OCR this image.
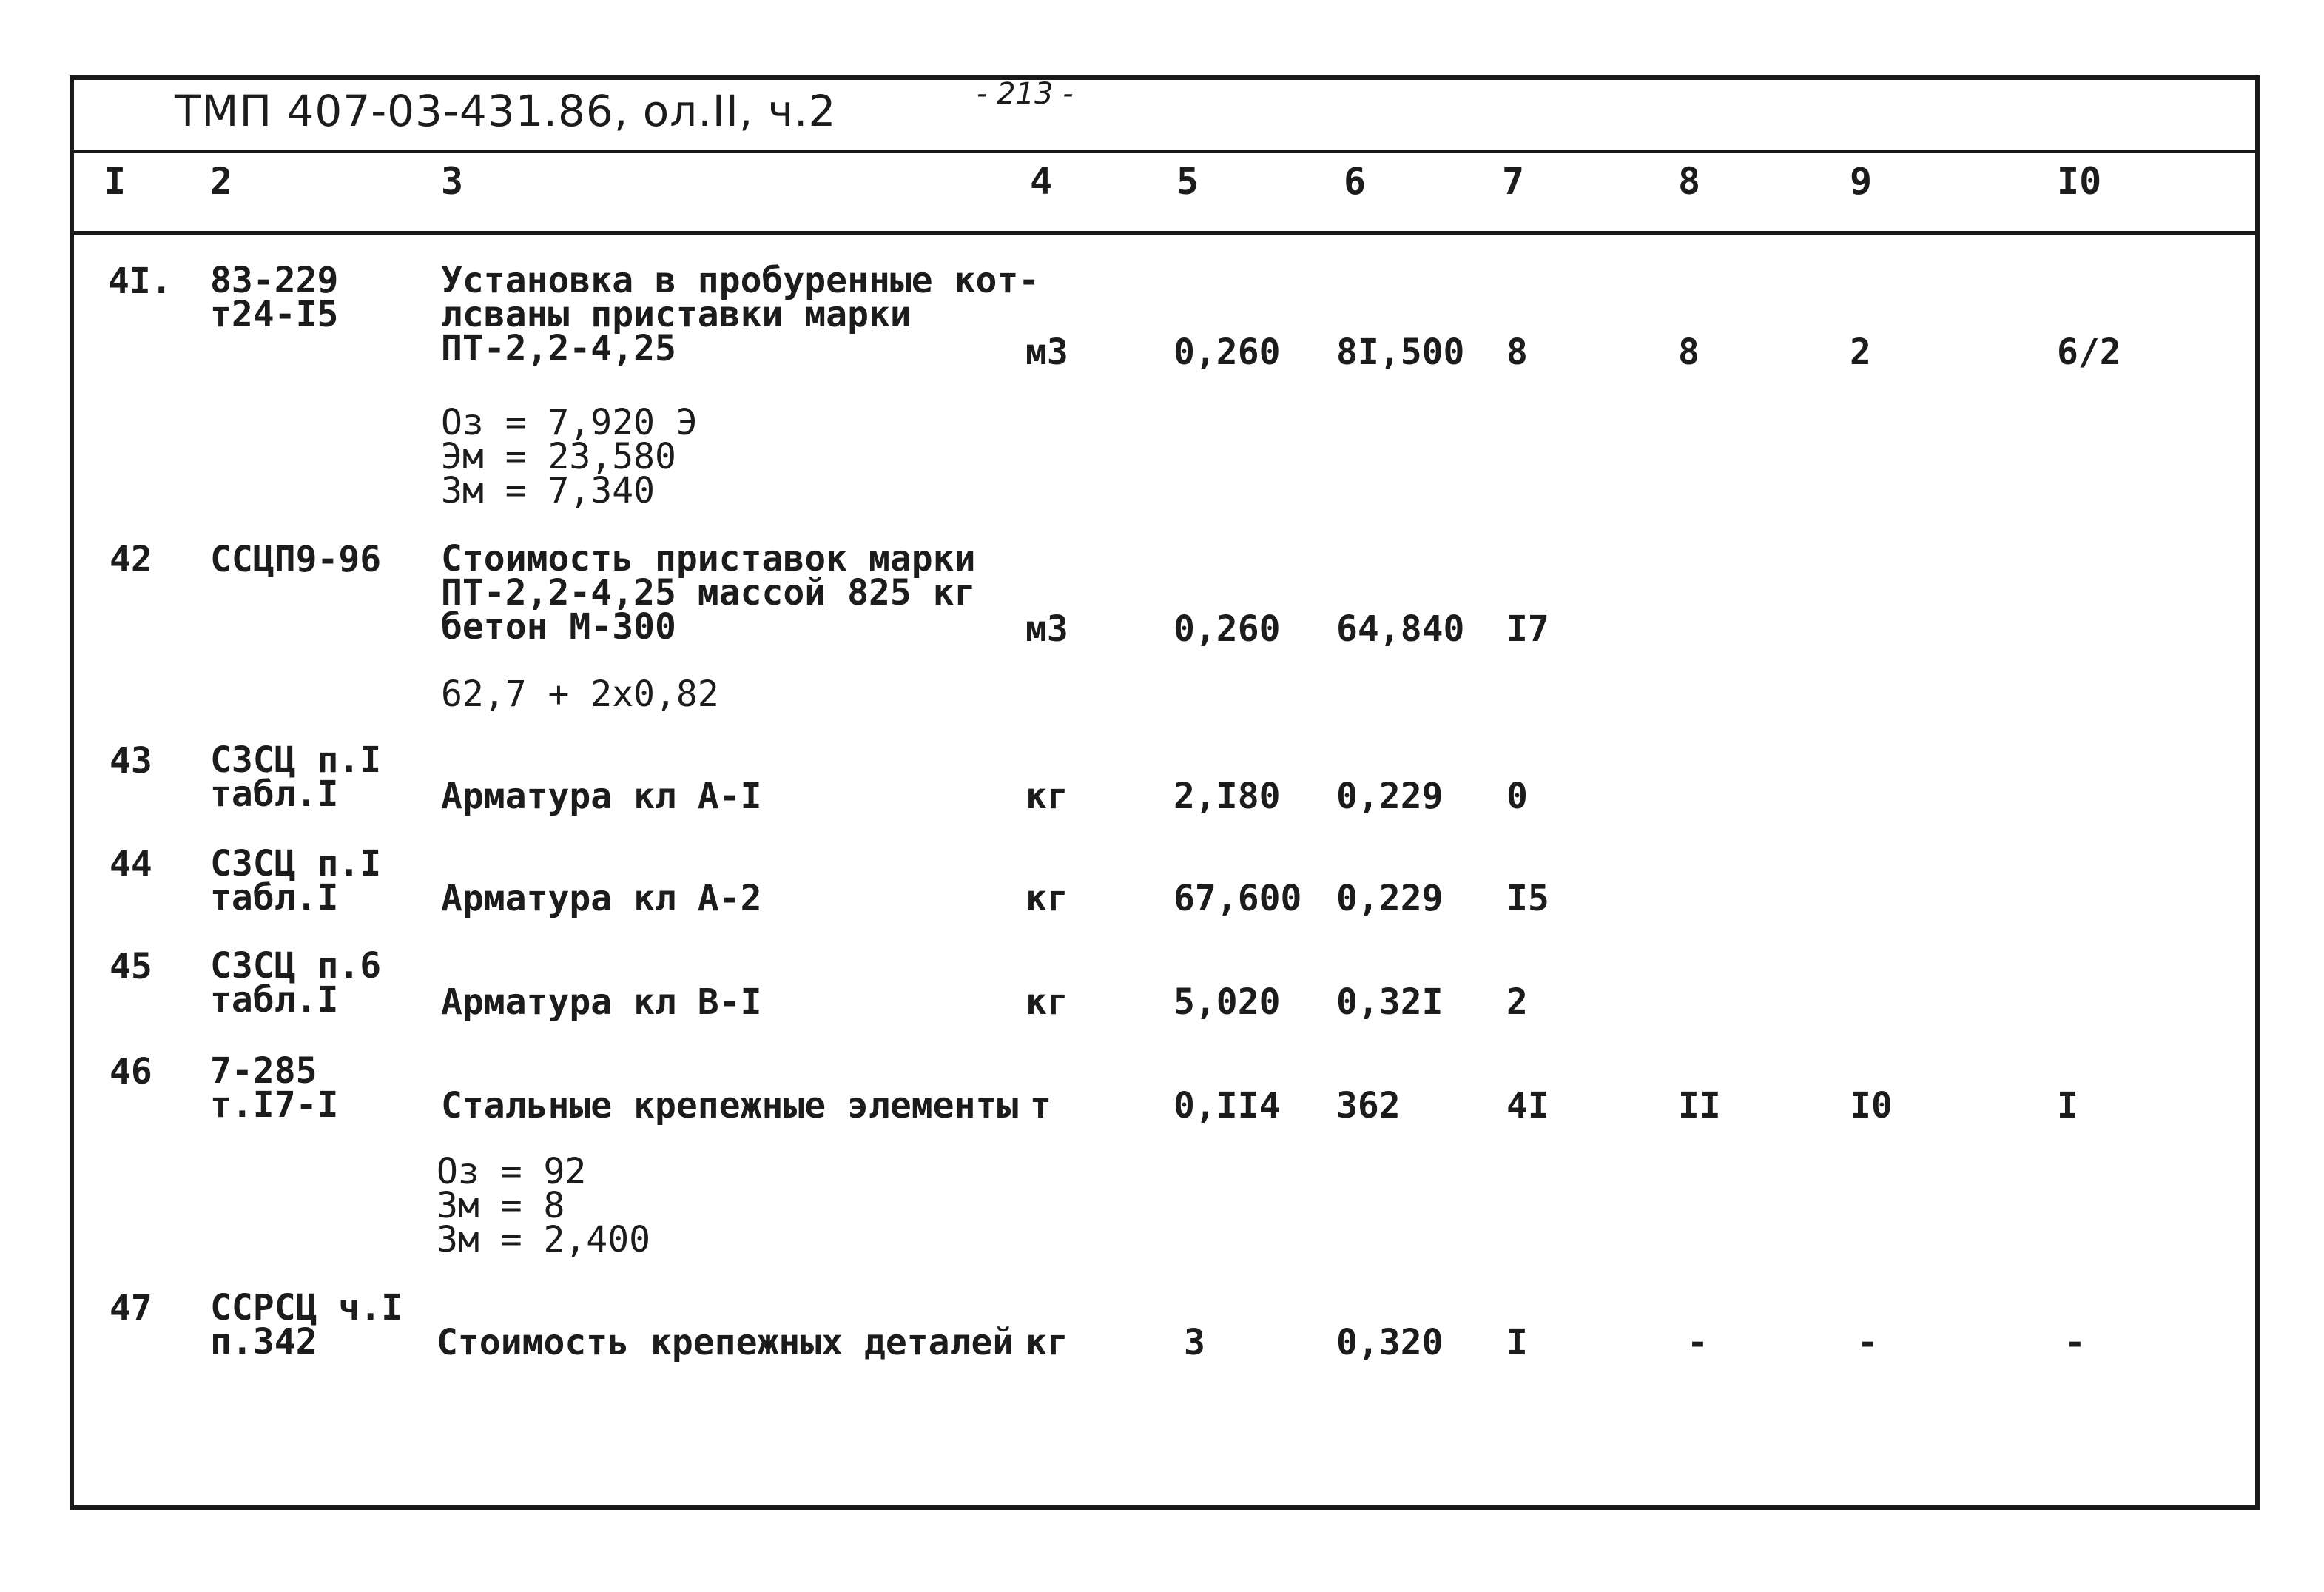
ТМП 407-03-431.86, ол.II, ч.2	- 213 -
I 2	3	4	5	6	7	8	9	I0
4I. 83-229
т24-I5
Установка в пробуренные кот-
лсваны приставки марки
ПТ-2,2-4,25	м3	0,260 8I,500 8	8	2	6/2
Оз = 7,920 Э
Эм = 23,580
Зм = 7,340
42 ССЦП9-96 Стоимость приставок марки
ПТ-2,2-4,25 массой 825 кг
бетон М-300	м3	0,260 64,840 I7
62,7 + 2х0,82
43 СЗСЦ п.I
табл.I	Арматура кл А-I	кг	2,I80 0,229 0
44 СЗСЦ п.I
табл.I	Арматура кл А-2	кг	67,600 0,229 I5
45 СЗСЦ п.6
табл.I	Арматура кл В-I	кг	5,020 0,32I 2
46 7-285
т.I7-I	Стальные крепежные элементы т	0,II4 362	4I	II	I0	I
Оз = 92
Зм = 8
Зм = 2,400
47 ССРСЦ ч.I
п.342	Стоимость крепежных деталей кг	3	0,320 I	-	-	-
